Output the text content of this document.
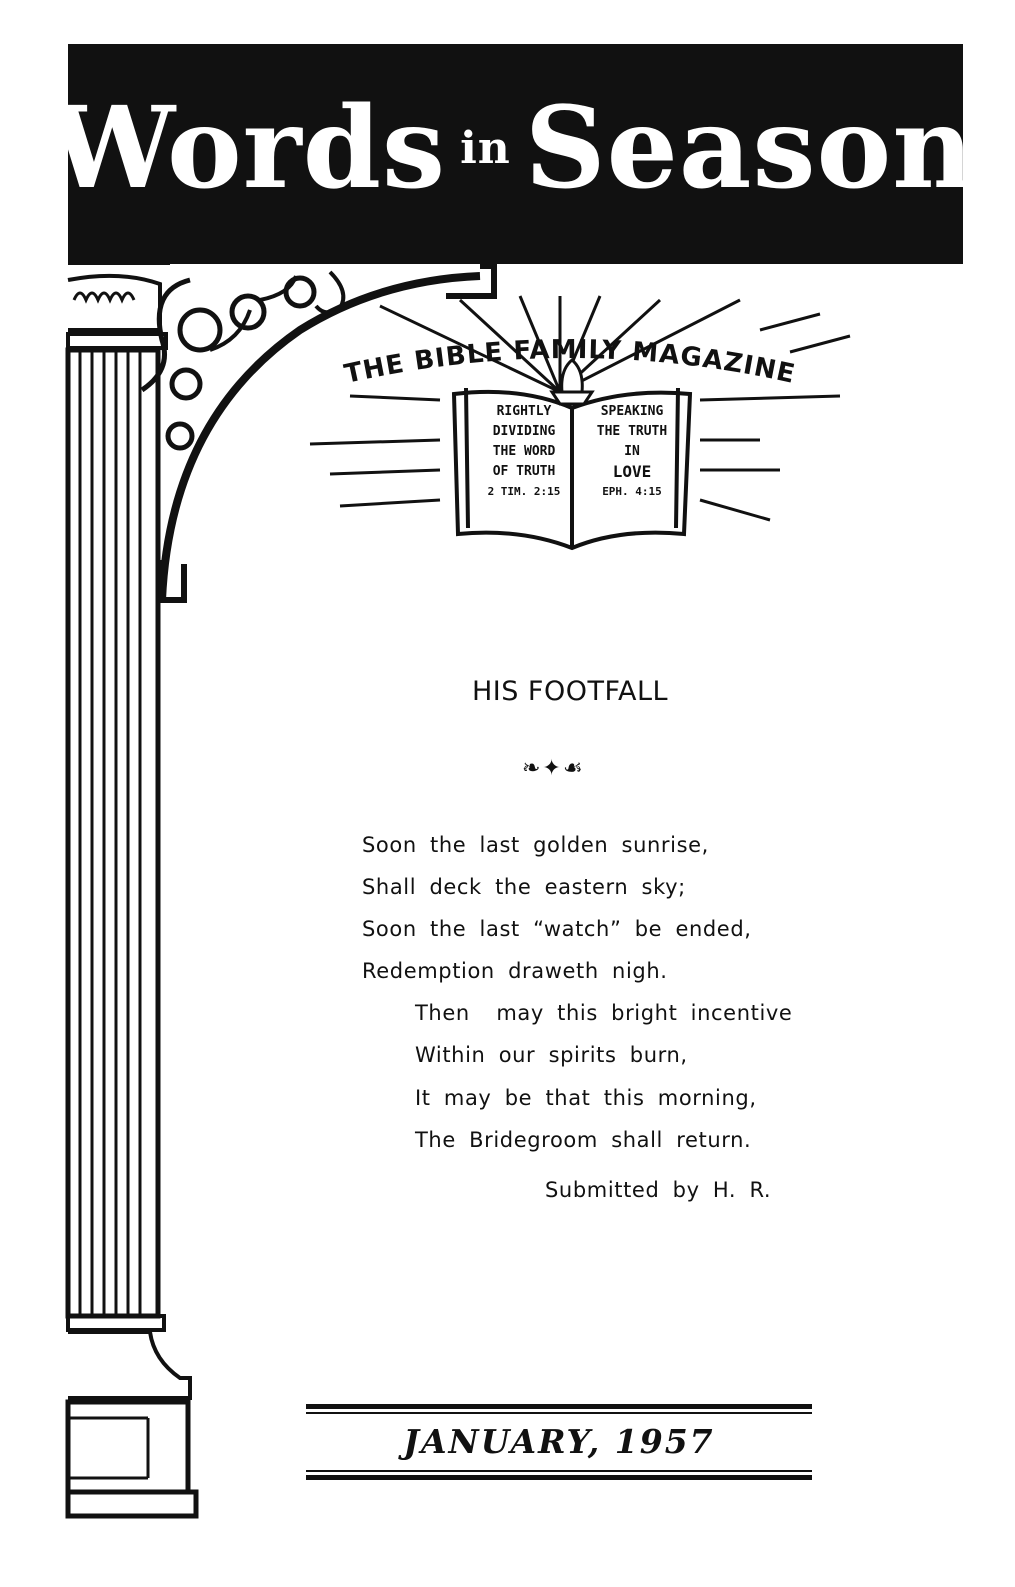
Words in Season
THE BIBLE FAMILY MAGAZINE
RIGHTLY
DIVIDING
THE WORD
OF TRUTH
2 TIM. 2:15
SPEAKING
THE TRUTH
IN
LOVE
EPH. 4:15
HIS FOOTFALL
❧✦☙
Soon the last golden sunrise,
Shall deck the eastern sky;
Soon the last “watch” be ended,
Redemption draweth nigh.
Then  may this bright incentive
Within our spirits burn,
It may be that this morning,
The Bridegroom shall return.
Submitted by H. R.
JANUARY, 1957
